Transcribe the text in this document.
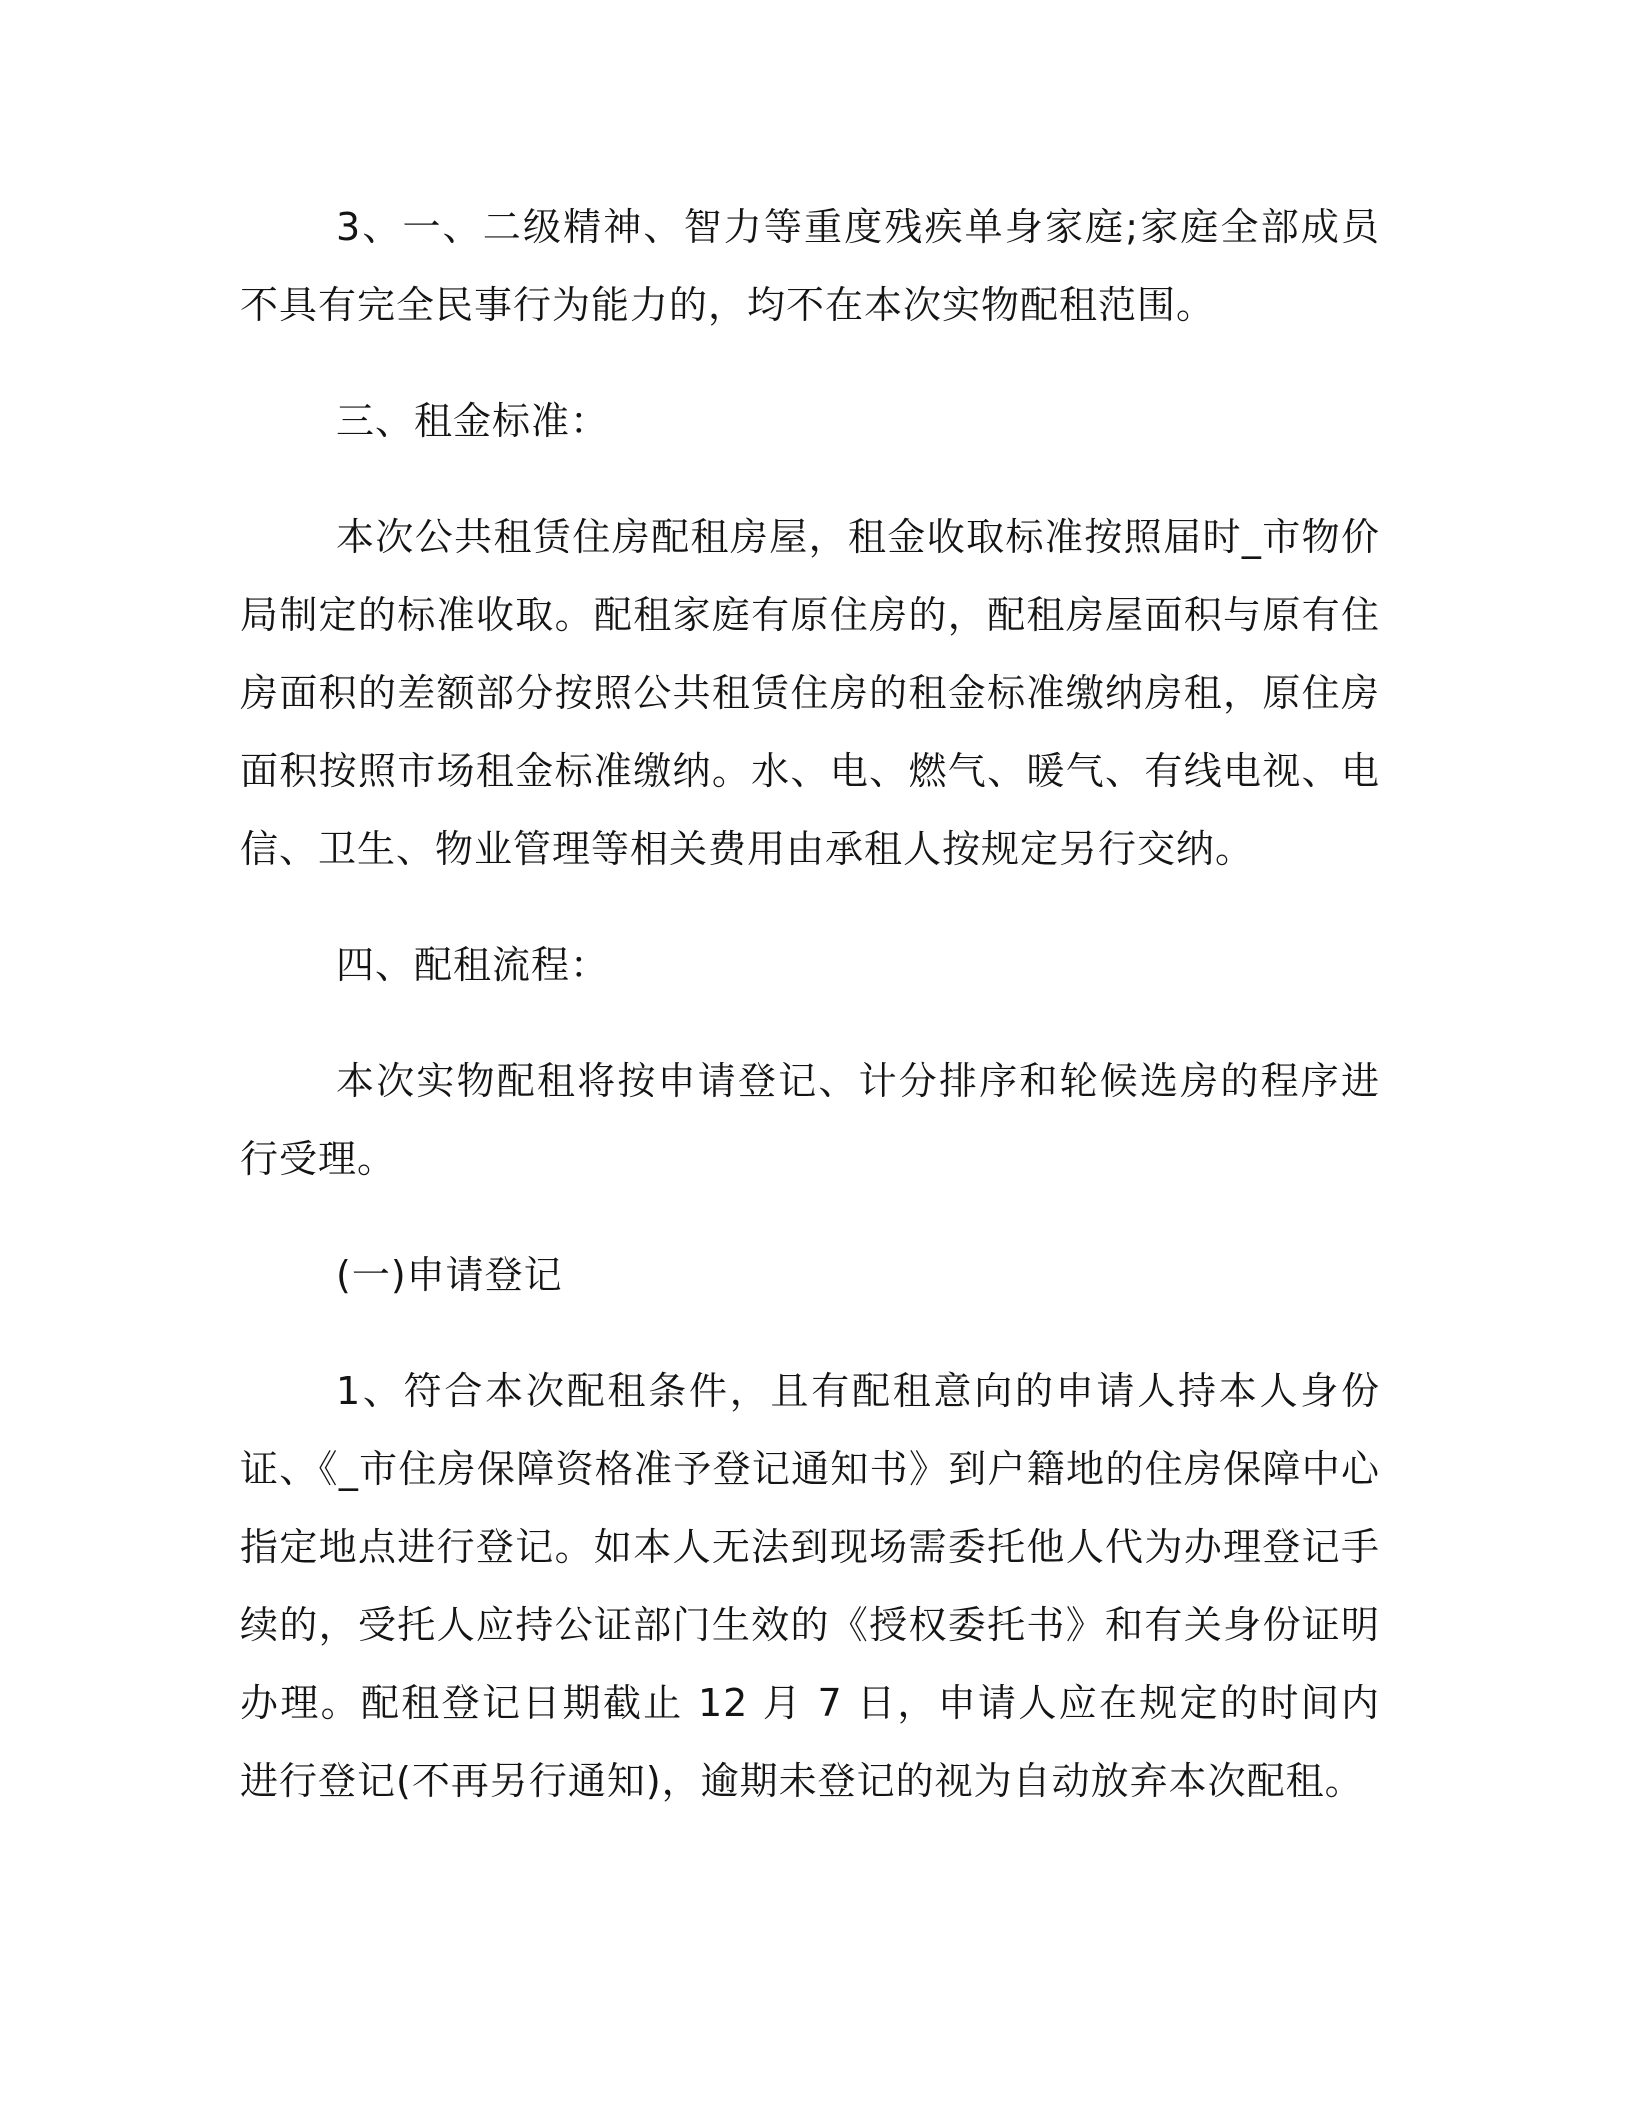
3、一、二级精神、智力等重度残疾单身家庭;家庭全部成员不具有完全民事行为能力的，均不在本次实物配租范围。

三、租金标准：

本次公共租赁住房配租房屋，租金收取标准按照届时_市物价局制定的标准收取。配租家庭有原住房的，配租房屋面积与原有住房面积的差额部分按照公共租赁住房的租金标准缴纳房租，原住房面积按照市场租金标准缴纳。水、电、燃气、暖气、有线电视、电信、卫生、物业管理等相关费用由承租人按规定另行交纳。

四、配租流程：

本次实物配租将按申请登记、计分排序和轮候选房的程序进行受理。

(一)申请登记

1、符合本次配租条件，且有配租意向的申请人持本人身份证、《_市住房保障资格准予登记通知书》到户籍地的住房保障中心指定地点进行登记。如本人无法到现场需委托他人代为办理登记手续的，受托人应持公证部门生效的《授权委托书》和有关身份证明办理。配租登记日期截止 12 月 7 日，申请人应在规定的时间内进行登记(不再另行通知)，逾期未登记的视为自动放弃本次配租。
